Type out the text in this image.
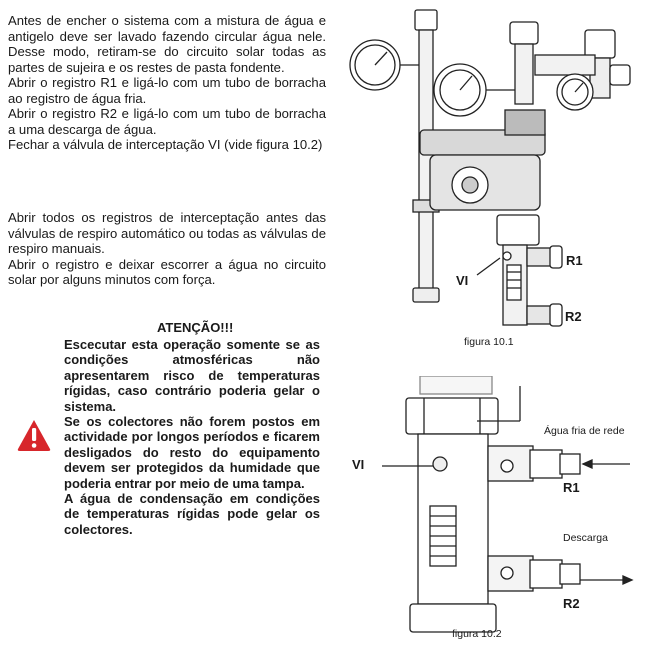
Antes de encher o sistema com a mistura de água e antigelo deve ser lavado fazendo circular água nele. Desse modo, retiram-se do circuito solar todas as partes de sujeira e os restes de pasta fondente.

Abrir o registro R1 e ligá-lo com um tubo de borracha ao registro de água fria.

Abrir o registro R2 e ligá-lo com um tubo de borracha a uma descarga de água.

Fechar a válvula de interceptação VI (vide figura 10.2)

Abrir todos os registros de interceptação antes das válvulas de respiro automático ou todas as válvulas de respiro manuais.

Abrir o registro e deixar escorrer a água no circuito solar por alguns minutos com força.

ATENÇÃO!!!

Escecutar esta operação somente se as condições atmosféricas não apresentarem risco de temperaturas rígidas, caso contrário poderia gelar o sistema.

Se os colectores não forem postos em actividade por longos períodos e ficarem desligados do resto do equipamento devem ser protegidos da humidade que poderia entrar por meio de uma tampa.

A água de condensação em condições de temperaturas rígidas pode gelar os colectores.

VI
R1
R2
figura 10.1
VI
R1
R2
Água fria de rede
Descarga
figura 10.2
